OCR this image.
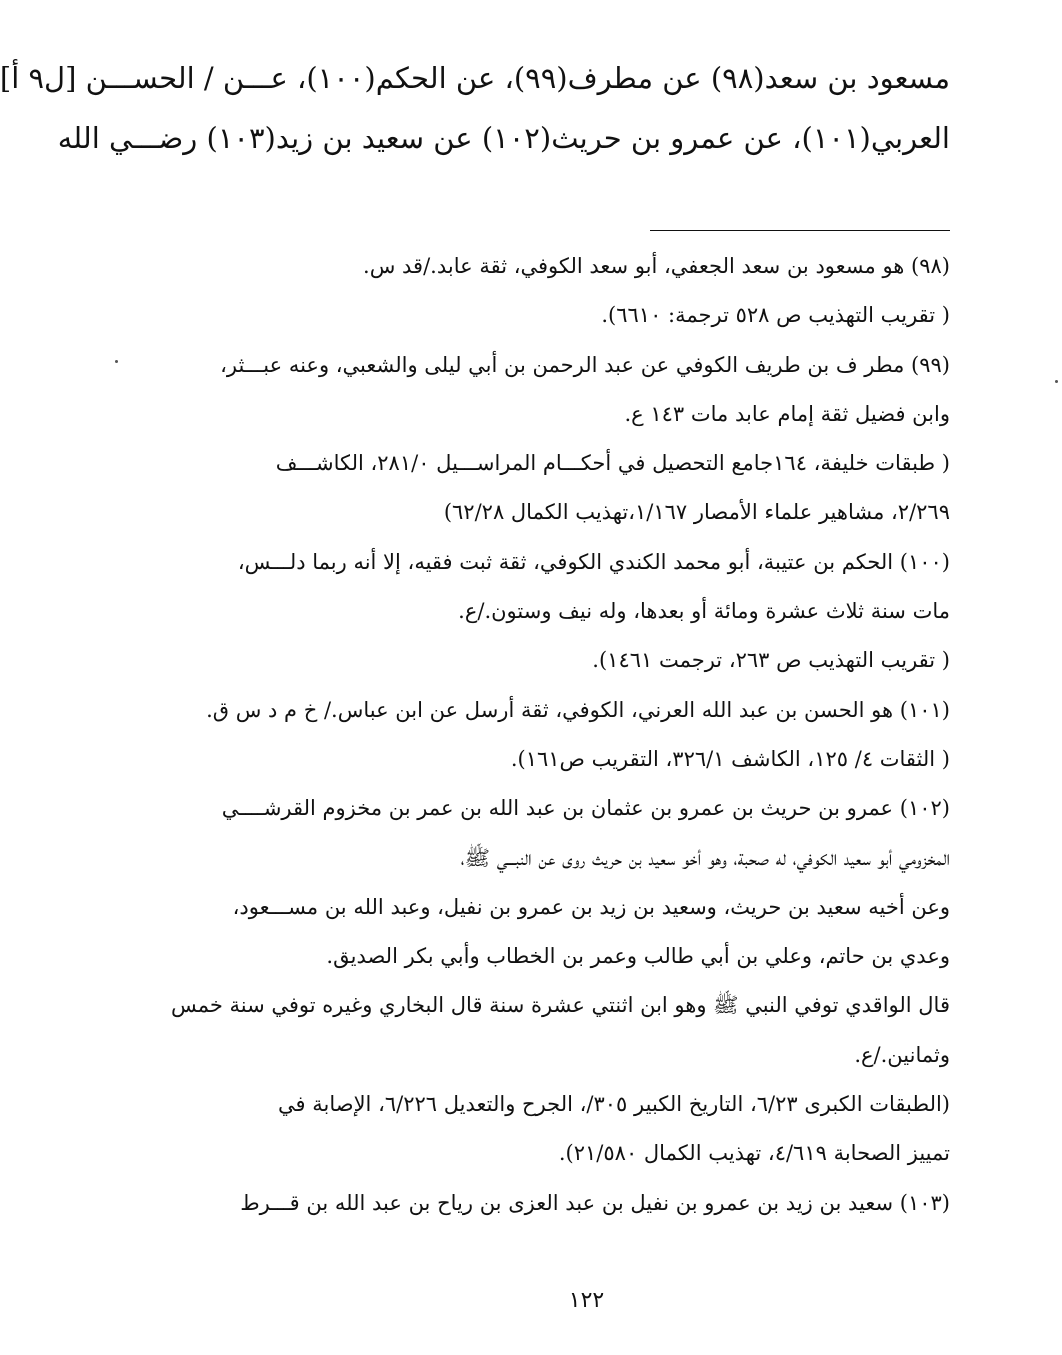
مسعود بن سعد(٩٨) عن مطرف(٩٩)، عن الحكم(١٠٠)، عـــن / الحســـن [ل٩ أ]
العربي(١٠١)، عن عمرو بن حريث(١٠٢) عن سعيد بن زيد(١٠٣) رضـــي الله
(٩٨) هو مسعود بن سعد الجعفي، أبو سعد الكوفي، ثقة عابد./قد س.
( تقريب التهذيب ص ٥٢٨ ترجمة: ٦٦١٠).
(٩٩) مطر ف بن طريف الكوفي عن عبد الرحمن بن أبي ليلى والشعبي، وعنه عبـــثر،
وابن فضيل ثقة إمام عابد مات ١٤٣ ع.
( طبقات خليفة، ١٦٤جامع التحصيل في أحكـــام المراســـيل ٢٨١/٠، الكاشـــف
٢/٢٦٩، مشاهير علماء الأمصار ١/١٦٧،تهذيب الكمال ٦٢/٢٨)
(١٠٠) الحكم بن عتيبة، أبو محمد الكندي الكوفي، ثقة ثبت فقيه، إلا أنه ربما دلـــس،
مات سنة ثلاث عشرة ومائة أو بعدها، وله نيف وستون./ع.
( تقريب التهذيب ص ٢٦٣، ترجمت ١٤٦١).
(١٠١) هو الحسن بن عبد الله العرني، الكوفي، ثقة أرسل عن ابن عباس./ خ م د س ق.
( الثقات ٤/ ١٢٥، الكاشف ٣٢٦/١، التقريب ص١٦١).
(١٠٢) عمرو بن حريث بن عمرو بن عثمان بن عبد الله بن عمر بن مخزوم القرشــــي
المخزومي أبو سعيد الكوفي، له صحبة، وهو أخو سعيد بن حريث روى عن النبـــي ﷺ،
وعن أخيه سعيد بن حريث، وسعيد بن زيد بن عمرو بن نفيل، وعبد الله بن مســـعود،
وعدي بن حاتم، وعلي بن أبي طالب وعمر بن الخطاب وأبي بكر الصديق.
قال الواقدي توفي النبي ﷺ وهو ابن اثنتي عشرة سنة قال البخاري وغيره توفي سنة خمس
وثمانين./ع.
(الطبقات الكبرى ٦/٢٣، التاريخ الكبير ٣٠٥/، الجرح والتعديل ٦/٢٢٦، الإصابة في
تمييز الصحابة ٤/٦١٩، تهذيب الكمال ٢١/٥٨٠).
(١٠٣) سعيد بن زيد بن عمرو بن نفيل بن عبد العزى بن رياح بن عبد الله بن قـــرط
١٢٢
